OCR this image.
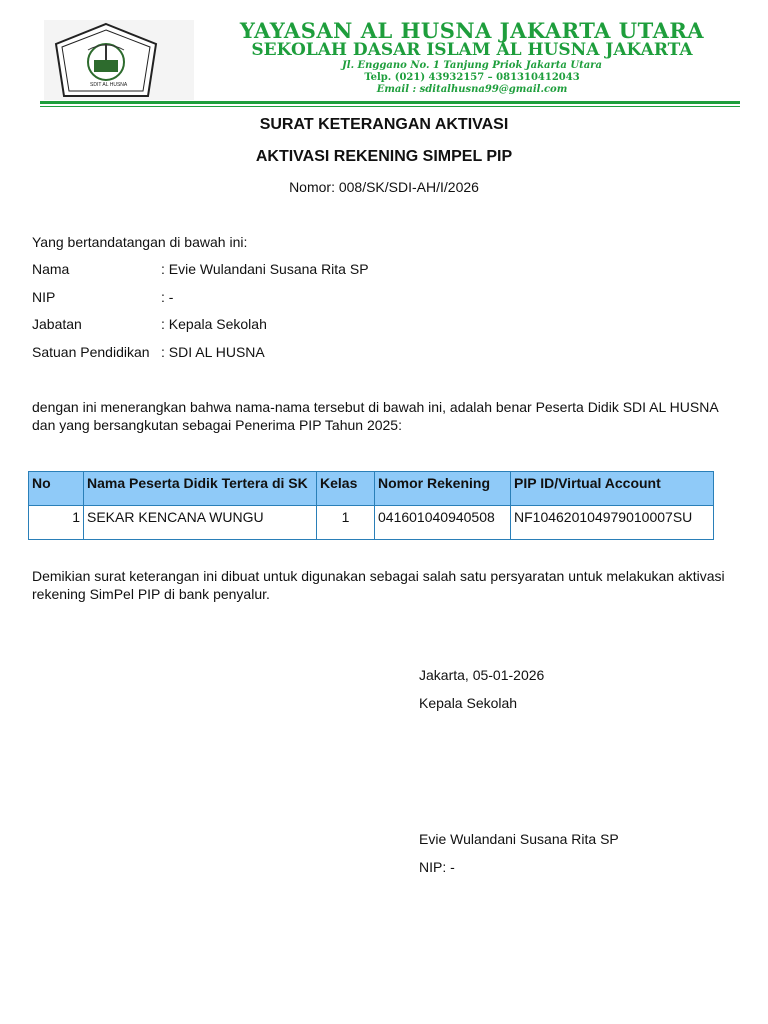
SDIT AL HUSNA
YAYASAN AL HUSNA JAKARTA UTARA
SEKOLAH DASAR ISLAM AL HUSNA JAKARTA
Jl. Enggano No. 1 Tanjung Priok Jakarta Utara
Telp. (021) 43932157 – 081310412043
Email : sditalhusna99@gmail.com
SURAT KETERANGAN AKTIVASI
AKTIVASI REKENING SIMPEL PIP
Nomor: 008/SK/SDI-AH/I/2026
Yang bertandatangan di bawah ini:
Nama	: Evie Wulandani Susana Rita SP
NIP	: -
Jabatan	: Kepala Sekolah
Satuan Pendidikan : SDI AL HUSNA
dengan ini menerangkan bahwa nama-nama tersebut di bawah ini, adalah benar Peserta Didik SDI AL HUSNA dan yang bersangkutan sebagai Penerima PIP Tahun 2025:
No	Nama Peserta Didik Tertera di SK	Kelas	Nomor Rekening	PIP ID/Virtual Account
1	SEKAR KENCANA WUNGU	1	041601040940508	NF104620104979010007SU
Demikian surat keterangan ini dibuat untuk digunakan sebagai salah satu persyaratan untuk melakukan aktivasi rekening SimPel PIP di bank penyalur.
Jakarta, 05-01-2026
Kepala Sekolah
Evie Wulandani Susana Rita SP
NIP: -
